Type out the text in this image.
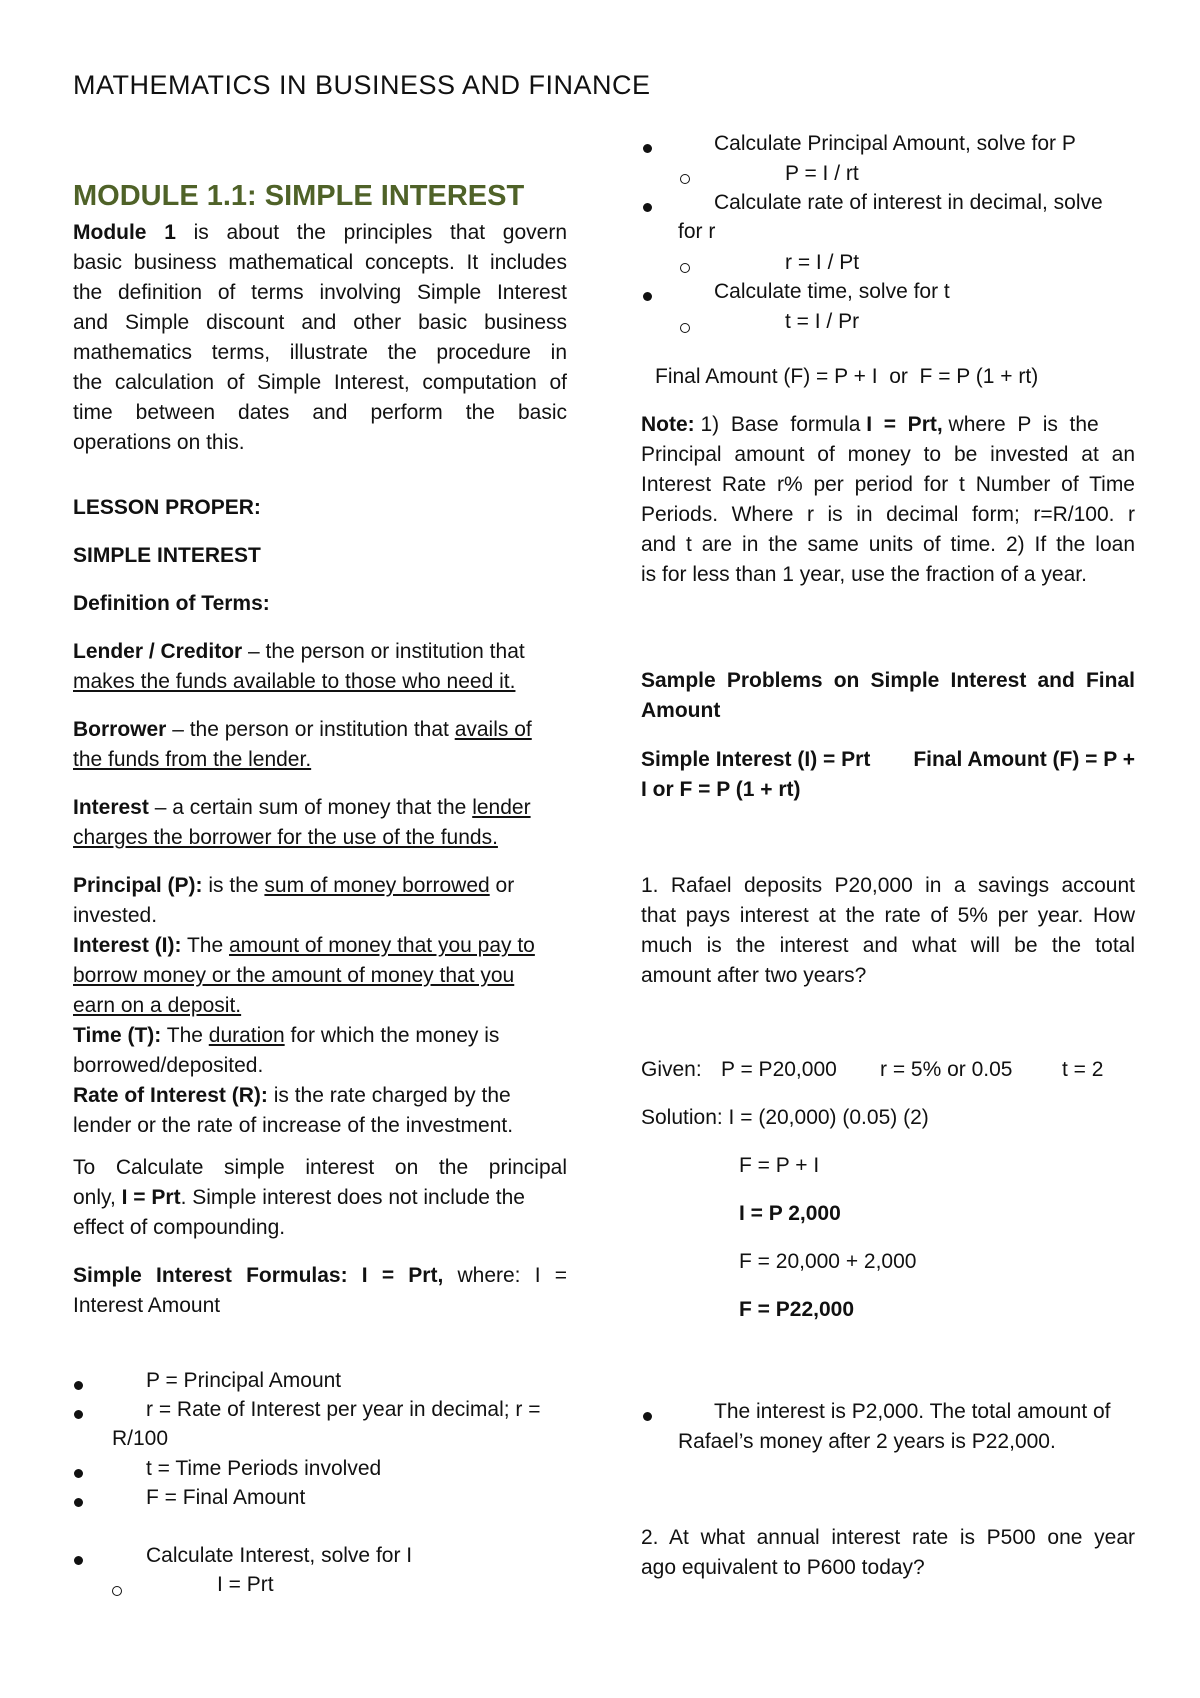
MATHEMATICS IN BUSINESS AND FINANCE
MODULE 1.1: SIMPLE INTEREST

Module 1 is about the principles that govern

basic business mathematical concepts. It includes

the definition of terms involving Simple Interest

and Simple discount and other basic business

mathematics terms, illustrate the procedure in

the calculation of Simple Interest, computation of

time between dates and perform the basic

operations on this.

LESSON PROPER:

SIMPLE INTEREST

Definition of Terms:

Lender / Creditor – the person or institution that

makes the funds available to those who need it.

Borrower – the person or institution that avails of

the funds from the lender.

Interest – a certain sum of money that the lender

charges the borrower for the use of the funds.

Principal (P): is the sum of money borrowed or

invested.

Interest (I): The amount of money that you pay to

borrow money or the amount of money that you

earn on a deposit.

Time (T): The duration for which the money is

borrowed/deposited.

Rate of Interest (R): is the rate charged by the

lender or the rate of increase of the investment.

To Calculate simple interest on the principal

only, I = Prt. Simple interest does not include the

effect of compounding.

Simple Interest Formulas: I = Prt, where: I =

Interest Amount

P = Principal Amount
r = Rate of Interest per year in decimal; r =
R/100
t = Time Periods involved
F = Final Amount
Calculate Interest, solve for I
I = Prt
Calculate Principal Amount, solve for P
P = I / rt
Calculate rate of interest in decimal, solve
for r
r = I / Pt
Calculate time, solve for t
t = I / Pr

Final Amount (F) = P + I  or  F = P (1 + rt)

Note: 1)  Base  formula I  =  Prt, where  P  is  the

Principal amount of money to be invested at an

Interest Rate r% per period for t Number of Time

Periods. Where r is in decimal form; r=R/100. r

and t are in the same units of time. 2) If the loan

is for less than 1 year, use the fraction of a year.

Sample Problems on Simple Interest and Final

Amount

Simple Interest (I) = Prt Final Amount (F) = P +

I or F = P (1 + rt)

1. Rafael deposits P20,000 in a savings account

that pays interest at the rate of 5% per year. How

much is the interest and what will be the total

amount after two years?

Given: P = P20,000 r = 5% or 0.05 t = 2

Solution: I = (20,000) (0.05) (2)

F = P + I

I = P 2,000

F = 20,000 + 2,000

F = P22,000

The interest is P2,000. The total amount of
Rafael’s money after 2 years is P22,000.

2. At what annual interest rate is P500 one year

ago equivalent to P600 today?
